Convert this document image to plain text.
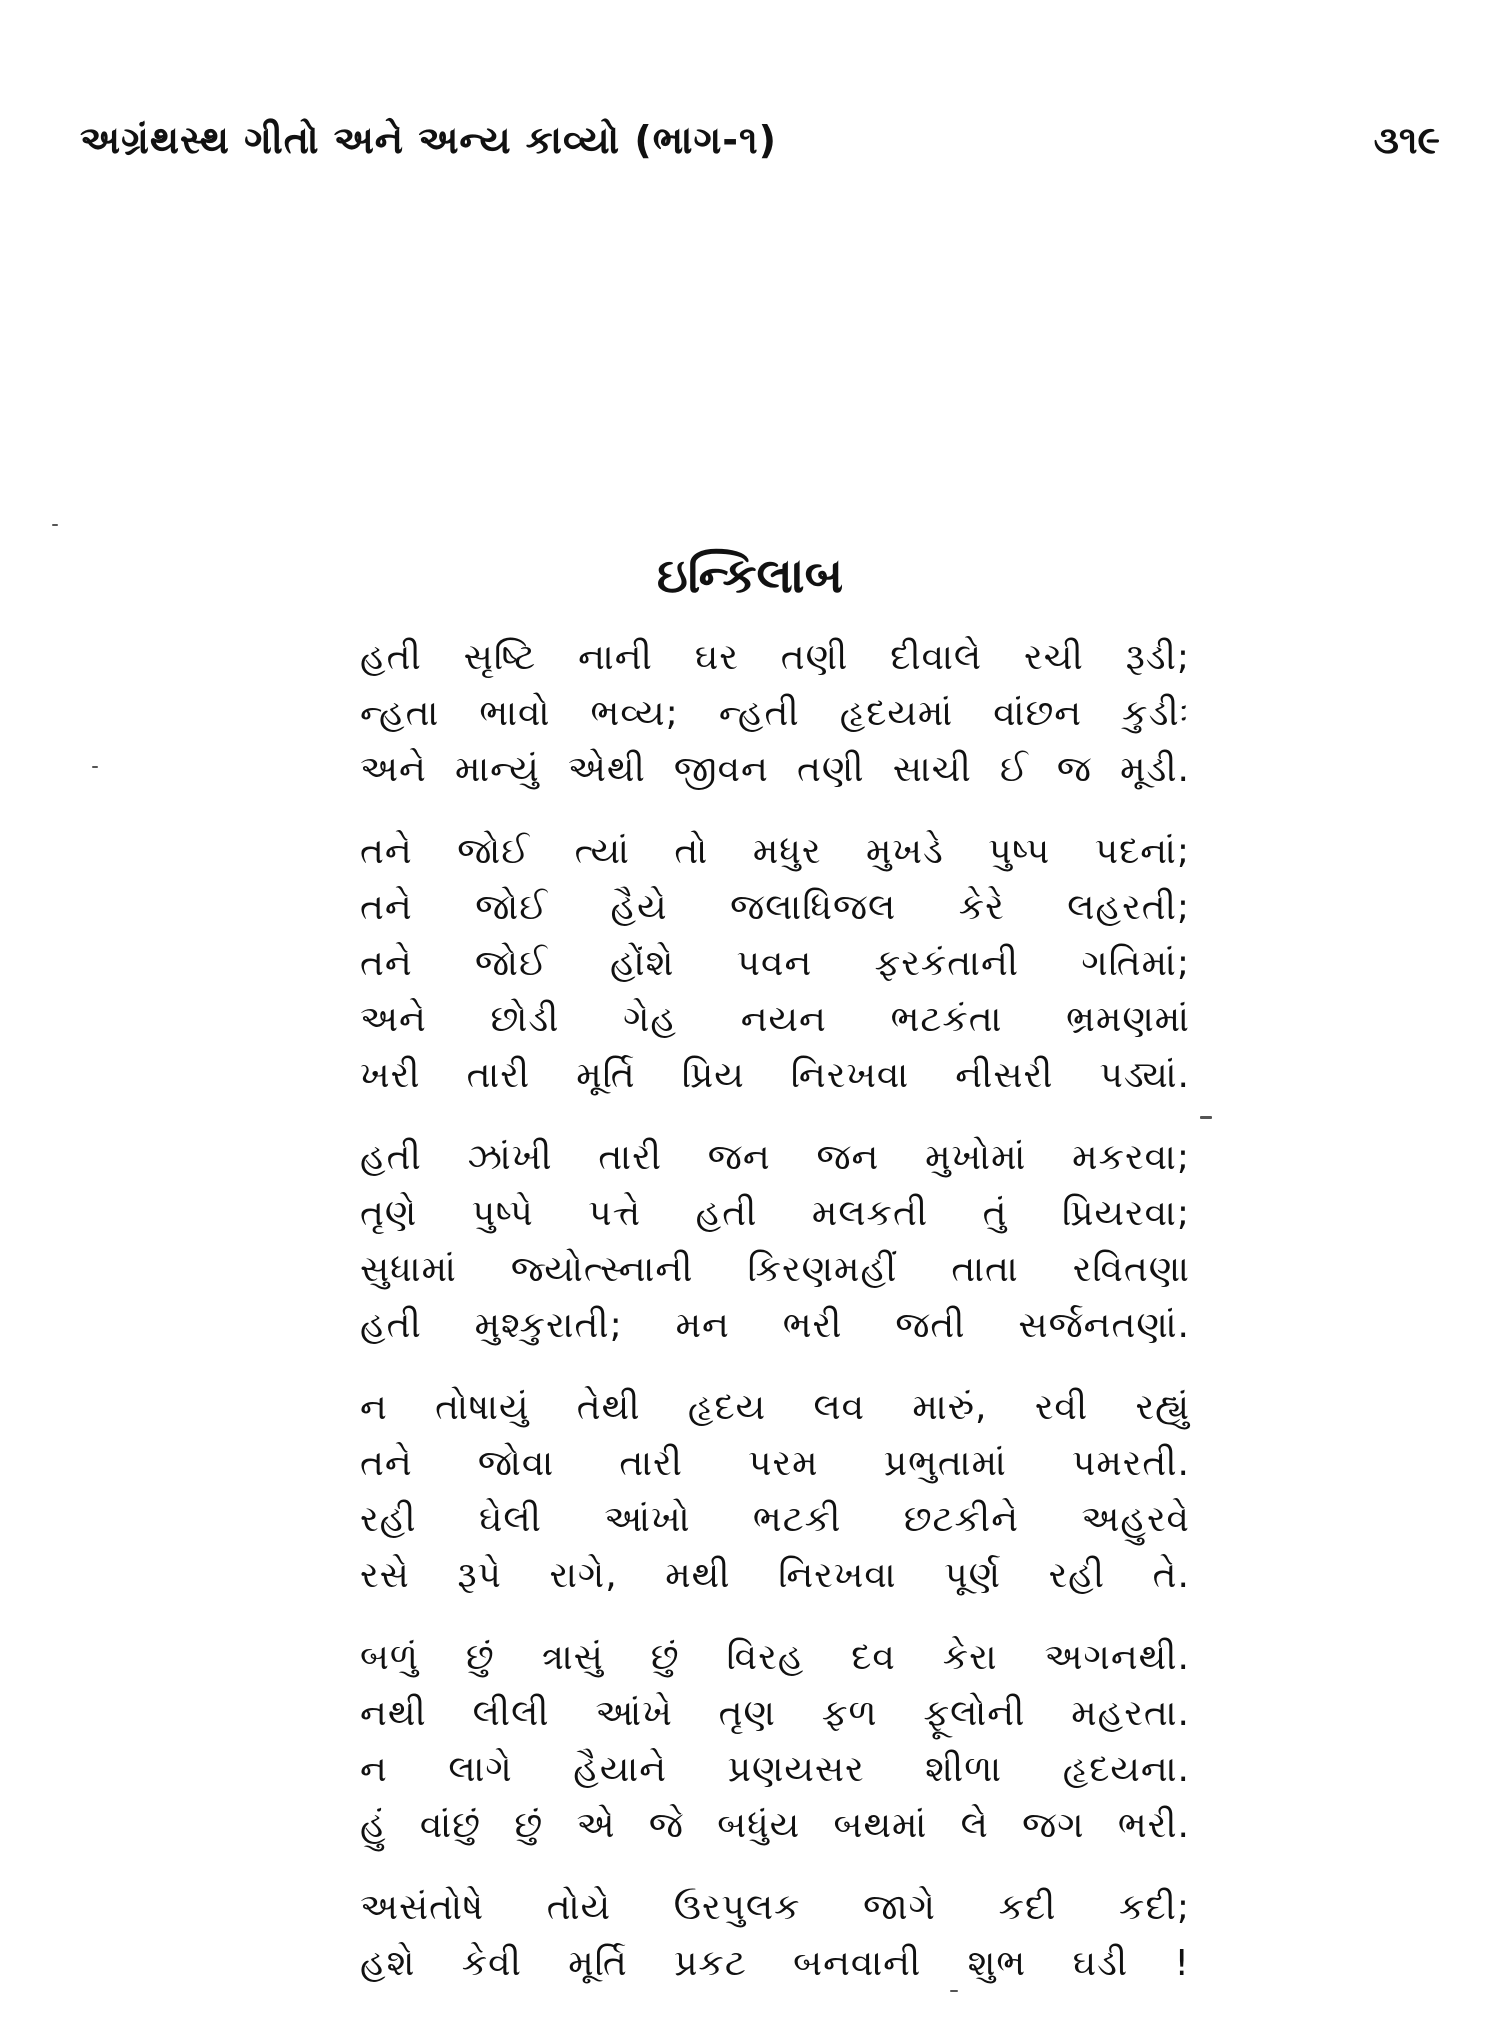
અગ્રંથસ્થ ગીતો અને અન્ય કાવ્યો (ભાગ-૧)	૩૧૯
ઇન્કિલાબ
હતી સૃષ્ટિ નાની ઘર તણી દીવાલે રચી રૂડી;
ન્હતા ભાવો ભવ્ય; ન્હતી હૃદયમાં વાંછન કુડીઃ
અને માન્યું એથી જીવન તણી સાચી ઈ જ મૂડી.
તને જોઈ ત્યાં તો મધુર મુખડે પુષ્પ પદનાં;
તને જોઈ હૈયે જલાધિજલ કેરે લહરતી;
તને જોઈ હોંશે પવન ફરકંતાની ગતિમાં;
અને છોડી ગેહ નયન ભટકંતા ભ્રમણમાં
ખરી તારી મૂર્તિ પ્રિય નિરખવા નીસરી પડ્યાં.
હતી ઝાંખી તારી જન જન મુખોમાં મકરવા;
તૃણે પુષ્પે પત્તે હતી મલકતી તું પ્રિયરવા;
સુધામાં જ્યોત્સ્નાની કિરણમહીં તાતા રવિતણા
હતી મુશ્કુરાતી; મન ભરી જતી સર્જનતણાં.
ન તોષાયું તેથી હૃદય લવ મારું, રવી રહ્યું
તને જોવા તારી પરમ પ્રભુતામાં પમરતી.
રહી ઘેલી આંખો ભટકી છટકીને અહુરવે
રસે રૂપે રાગે, મથી નિરખવા પૂર્ણ રહી તે.
બળું છું ત્રાસું છું વિરહ દવ કેરા અગનથી.
નથી લીલી આંખે તૃણ ફળ ફૂલોની મહરતા.
ન લાગે હૈયાને પ્રણયસર શીળા હૃદયના.
હું વાંછું છું એ જે બધુંય બથમાં લે જગ ભરી.
અસંતોષે તોયે ઉરપુલક જાગે કદી કદી;
હશે કેવી મૂર્તિ પ્રકટ બનવાની શુભ ઘડી !
